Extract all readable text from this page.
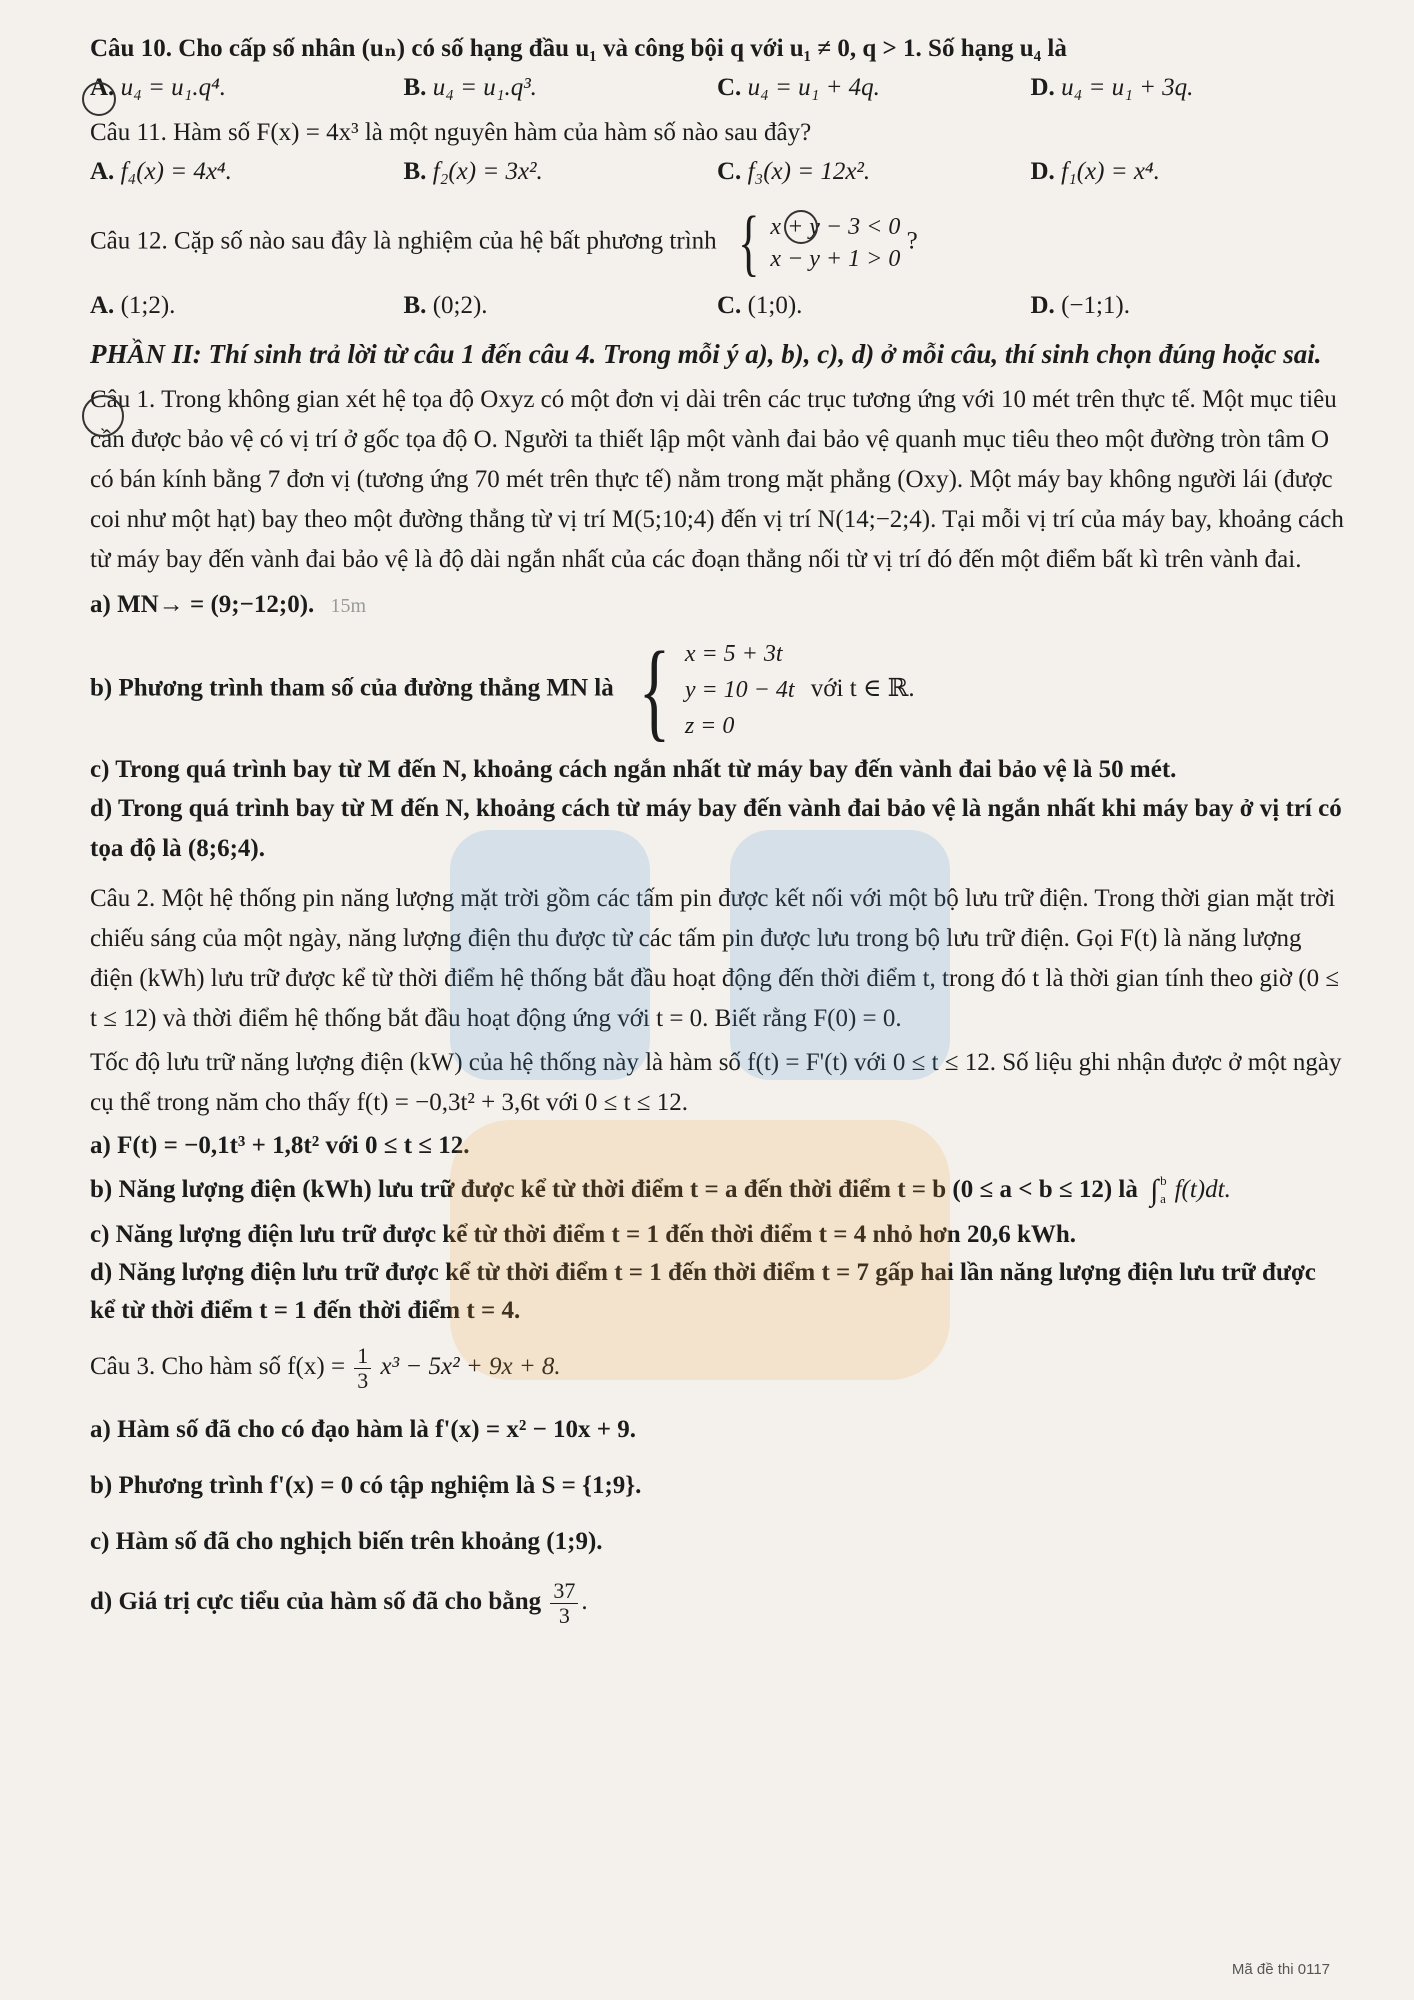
Câu 10. Cho cấp số nhân (uₙ) có số hạng đầu u₁ và công bội q với u₁ ≠ 0, q > 1. Số hạng u₄ là
A. u₄ = u₁.q⁴.	B. u₄ = u₁.q³.	C. u₄ = u₁ + 4q.	D. u₄ = u₁ + 3q.
Câu 11. Hàm số F(x) = 4x³ là một nguyên hàm của hàm số nào sau đây?
A. f₄(x) = 4x⁴.	B. f₂(x) = 3x².	C. f₃(x) = 12x².	D. f₁(x) = x⁴.
Câu 12. Cặp số nào sau đây là nghiệm của hệ bất phương trình { x + y − 3 < 0
x − y + 1 > 0
?
A. (1;2).	B. (0;2).	C. (1;0).	D. (−1;1).
PHẦN II: Thí sinh trả lời từ câu 1 đến câu 4. Trong mỗi ý a), b), c), d) ở mỗi câu, thí sinh chọn đúng hoặc sai.
Câu 1. Trong không gian xét hệ tọa độ Oxyz có một đơn vị dài trên các trục tương ứng với 10 mét trên thực tế. Một mục tiêu cần được bảo vệ có vị trí ở gốc tọa độ O. Người ta thiết lập một vành đai bảo vệ quanh mục tiêu theo một đường tròn tâm O có bán kính bằng 7 đơn vị (tương ứng 70 mét trên thực tế) nằm trong mặt phẳng (Oxy). Một máy bay không người lái (được coi như một hạt) bay theo một đường thẳng từ vị trí M(5;10;4) đến vị trí N(14;−2;4). Tại mỗi vị trí của máy bay, khoảng cách từ máy bay đến vành đai bảo vệ là độ dài ngắn nhất của các đoạn thẳng nối từ vị trí đó đến một điểm bất kì trên vành đai.
a) MN→ = (9;−12;0). 15m
b) Phương trình tham số của đường thẳng MN là { x = 5 + 3t
y = 10 − 4t
z = 0
với t ∈ ℝ.
c) Trong quá trình bay từ M đến N, khoảng cách ngắn nhất từ máy bay đến vành đai bảo vệ là 50 mét.
d) Trong quá trình bay từ M đến N, khoảng cách từ máy bay đến vành đai bảo vệ là ngắn nhất khi máy bay ở vị trí có tọa độ là (8;6;4).
Câu 2. Một hệ thống pin năng lượng mặt trời gồm các tấm pin được kết nối với một bộ lưu trữ điện. Trong thời gian mặt trời chiếu sáng của một ngày, năng lượng điện thu được từ các tấm pin được lưu trong bộ lưu trữ điện. Gọi F(t) là năng lượng điện (kWh) lưu trữ được kể từ thời điểm hệ thống bắt đầu hoạt động đến thời điểm t, trong đó t là thời gian tính theo giờ (0 ≤ t ≤ 12) và thời điểm hệ thống bắt đầu hoạt động ứng với t = 0. Biết rằng F(0) = 0.
Tốc độ lưu trữ năng lượng điện (kW) của hệ thống này là hàm số f(t) = F'(t) với 0 ≤ t ≤ 12. Số liệu ghi nhận được ở một ngày cụ thể trong năm cho thấy f(t) = −0,3t² + 3,6t với 0 ≤ t ≤ 12.
a) F(t) = −0,1t³ + 1,8t² với 0 ≤ t ≤ 12.
b) Năng lượng điện (kWh) lưu trữ được kể từ thời điểm t = a đến thời điểm t = b (0 ≤ a < b ≤ 12) là ∫ b
a f(t)dt.
c) Năng lượng điện lưu trữ được kể từ thời điểm t = 1 đến thời điểm t = 4 nhỏ hơn 20,6 kWh.
d) Năng lượng điện lưu trữ được kể từ thời điểm t = 1 đến thời điểm t = 7 gấp hai lần năng lượng điện lưu trữ được kể từ thời điểm t = 1 đến thời điểm t = 4.
Câu 3. Cho hàm số $f(x) = \frac{1}{3} x^3 - 5x^2 + 9x + 8$.
a) Hàm số đã cho có đạo hàm là f'(x) = x² − 10x + 9.
b) Phương trình f'(x) = 0 có tập nghiệm là S = {1;9}.
c) Hàm số đã cho nghịch biến trên khoảng (1;9).
d) Giá trị cực tiểu của hàm số đã cho bằng $\frac{37}{3}$ .
Mã đề thi 0117
